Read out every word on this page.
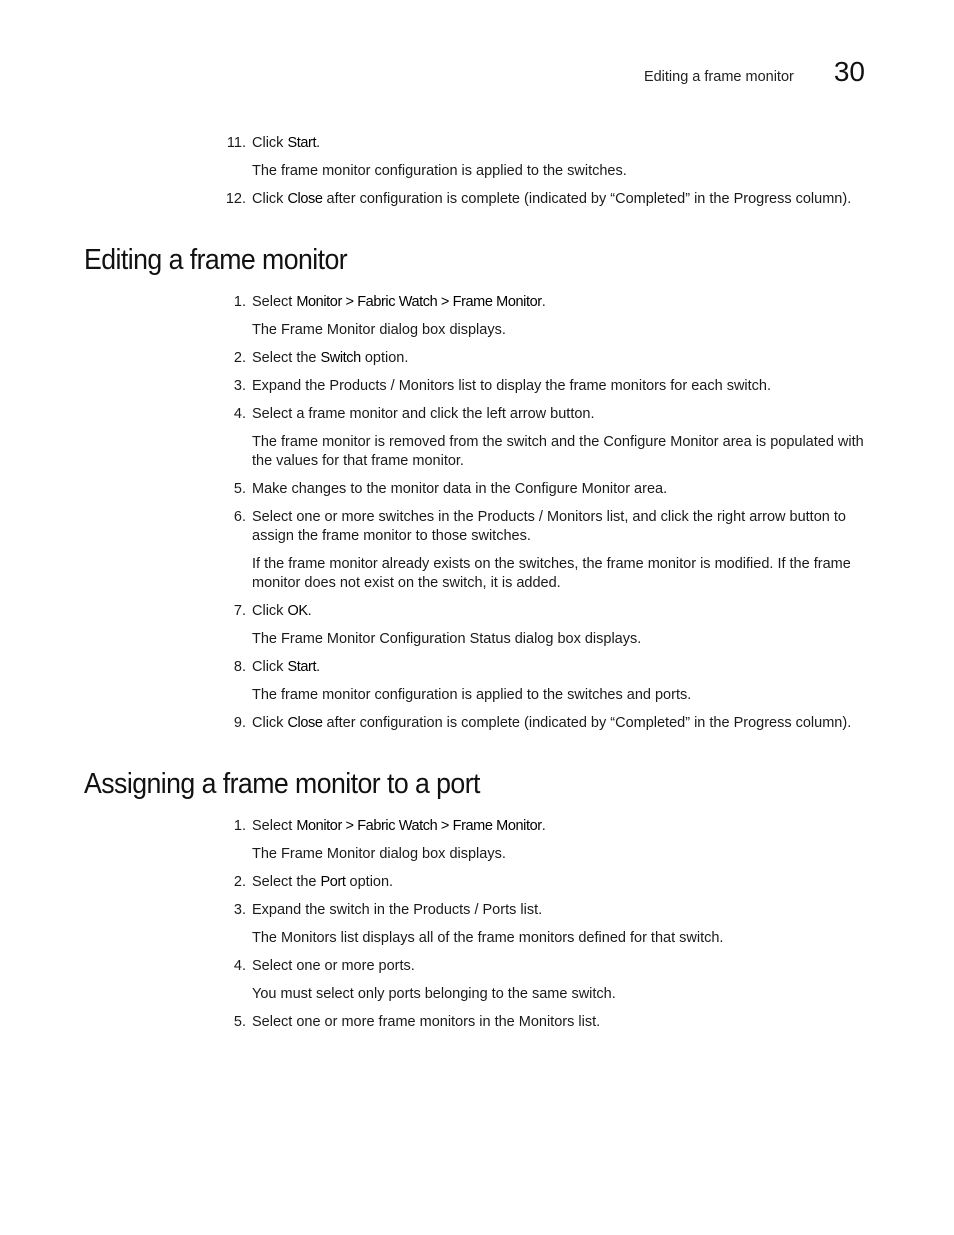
Editing a frame monitor 30
11. Click Start.
The frame monitor configuration is applied to the switches.
12. Click Close after configuration is complete (indicated by “Completed” in the Progress column).
Editing a frame monitor
1. Select Monitor > Fabric Watch > Frame Monitor.
The Frame Monitor dialog box displays.
2. Select the Switch option.
3. Expand the Products / Monitors list to display the frame monitors for each switch.
4. Select a frame monitor and click the left arrow button.
The frame monitor is removed from the switch and the Configure Monitor area is populated with the values for that frame monitor.
5. Make changes to the monitor data in the Configure Monitor area.
6. Select one or more switches in the Products / Monitors list, and click the right arrow button to assign the frame monitor to those switches.
If the frame monitor already exists on the switches, the frame monitor is modified. If the frame monitor does not exist on the switch, it is added.
7. Click OK.
The Frame Monitor Configuration Status dialog box displays.
8. Click Start.
The frame monitor configuration is applied to the switches and ports.
9. Click Close after configuration is complete (indicated by “Completed” in the Progress column).
Assigning a frame monitor to a port
1. Select Monitor > Fabric Watch > Frame Monitor.
The Frame Monitor dialog box displays.
2. Select the Port option.
3. Expand the switch in the Products / Ports list.
The Monitors list displays all of the frame monitors defined for that switch.
4. Select one or more ports.
You must select only ports belonging to the same switch.
5. Select one or more frame monitors in the Monitors list.
